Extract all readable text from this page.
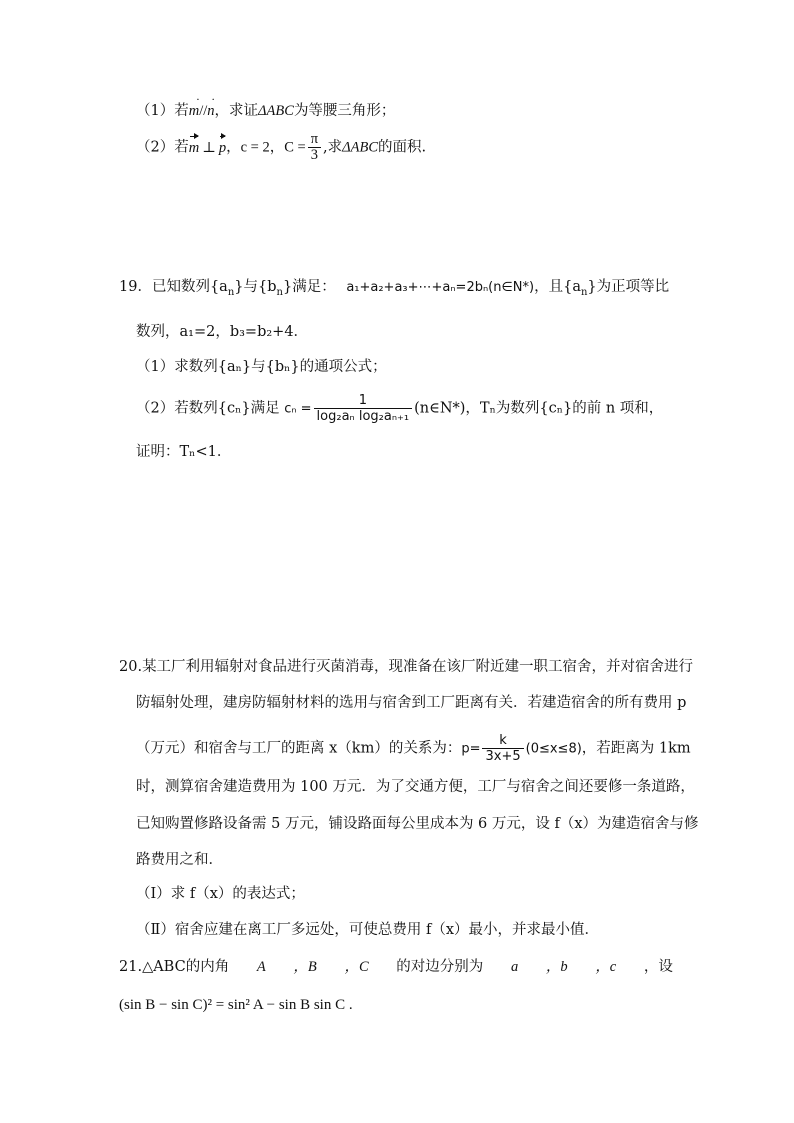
（1）若m ·//n ·，求证ΔABC为等腰三角形；
（2）若m ⊥ p，c = 2，$C = \frac{\pi}{3}$ ,求ΔABC的面积.
19．已知数列$\{a_n\}$与$\{b_n\}$满足： a₁+a₂+a₃+⋯+aₙ=2bₙ(n∈N*)，且$\{a_n\}$为正项等比
数列，a₁=2，b₃=b₂+4．
（1）求数列{aₙ}与{bₙ}的通项公式；
（2）若数列{cₙ}满足 $c_n = \frac{1}{\text{log₂aₙ log₂aₙ₊₁}}$ (n∈N*)，Tₙ为数列{cₙ}的前 n 项和，
证明：Tₙ<1．
20.某工厂利用辐射对食品进行灭菌消毒，现准备在该厂附近建一职工宿舍，并对宿舍进行
防辐射处理，建房防辐射材料的选用与宿舍到工厂距离有关．若建造宿舍的所有费用 p
（万元）和宿舍与工厂的距离 x（km）的关系为：$p= \frac{k}{3x+5} (0\le x\le 8)$，若距离为 1km
时，测算宿舍建造费用为 100 万元．为了交通方便，工厂与宿舍之间还要修一条道路，
已知购置修路设备需 5 万元，铺设路面每公里成本为 6 万元，设 f（x）为建造宿舍与修
路费用之和．
（Ⅰ）求 f（x）的表达式；
（Ⅱ）宿舍应建在离工厂多远处，可使总费用 f（x）最小，并求最小值．
21.△ABC的内角 A ，B ，C 的对边分别为 a ，b ，c ，设
(sin B − sin C)² = sin² A − sin B sin C .
